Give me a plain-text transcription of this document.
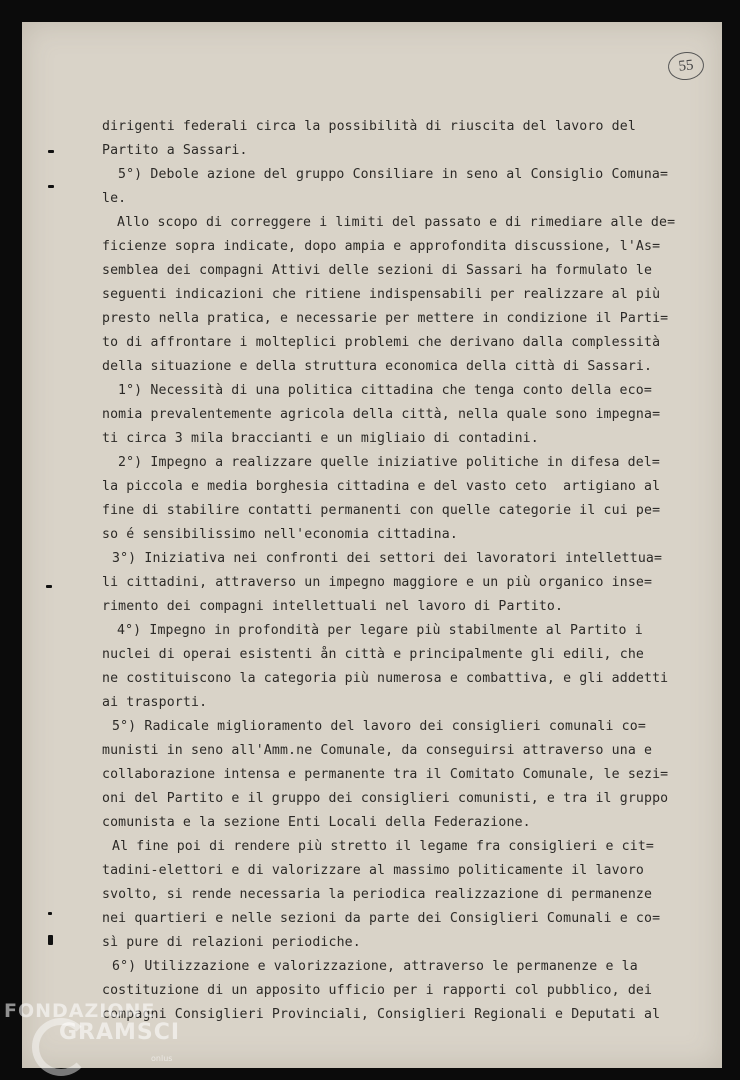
55
dirigenti federali circa la possibilità di riuscita del lavoro del
Partito a Sassari.
5°) Debole azione del gruppo Consiliare in seno al Consiglio Comuna=
le.
Allo scopo di correggere i limiti del passato e di rimediare alle de=
ficienze sopra indicate, dopo ampia e approfondita discussione, l'As=
semblea dei compagni Attivi delle sezioni di Sassari ha formulato le
seguenti indicazioni che ritiene indispensabili per realizzare al più
presto nella pratica, e necessarie per mettere in condizione il Parti=
to di affrontare i molteplici problemi che derivano dalla complessità
della situazione e della struttura economica della città di Sassari.
1°) Necessità di una politica cittadina che tenga conto della eco=
nomia prevalentemente agricola della città, nella quale sono impegna=
ti circa 3 mila braccianti e un migliaio di contadini.
2°) Impegno a realizzare quelle iniziative politiche in difesa del=
la piccola e media borghesia cittadina e del vasto ceto  artigiano al
fine di stabilire contatti permanenti con quelle categorie il cui pe=
so é sensibilissimo nell'economia cittadina.
3°) Iniziativa nei confronti dei settori dei lavoratori intellettua=
li cittadini, attraverso un impegno maggiore e un più organico inse=
rimento dei compagni intellettuali nel lavoro di Partito.
4°) Impegno in profondità per legare più stabilmente al Partito i
nuclei di operai esistenti ån città e principalmente gli edili, che
ne costituiscono la categoria più numerosa e combattiva, e gli addetti
ai trasporti.
5°) Radicale miglioramento del lavoro dei consiglieri comunali co=
munisti in seno all'Amm.ne Comunale, da conseguirsi attraverso una e
collaborazione intensa e permanente tra il Comitato Comunale, le sezi=
oni del Partito e il gruppo dei consiglieri comunisti, e tra il gruppo
comunista e la sezione Enti Locali della Federazione.
Al fine poi di rendere più stretto il legame fra consiglieri e cit=
tadini-elettori e di valorizzare al massimo politicamente il lavoro
svolto, si rende necessaria la periodica realizzazione di permanenze
nei quartieri e nelle sezioni da parte dei Consiglieri Comunali e co=
sì pure di relazioni periodiche.
6°) Utilizzazione e valorizzazione, attraverso le permanenze e la
costituzione di un apposito ufficio per i rapporti col pubblico, dei
compagni Consiglieri Provinciali, Consiglieri Regionali e Deputati al
FONDAZIONE
GRAMSCI
onlus
